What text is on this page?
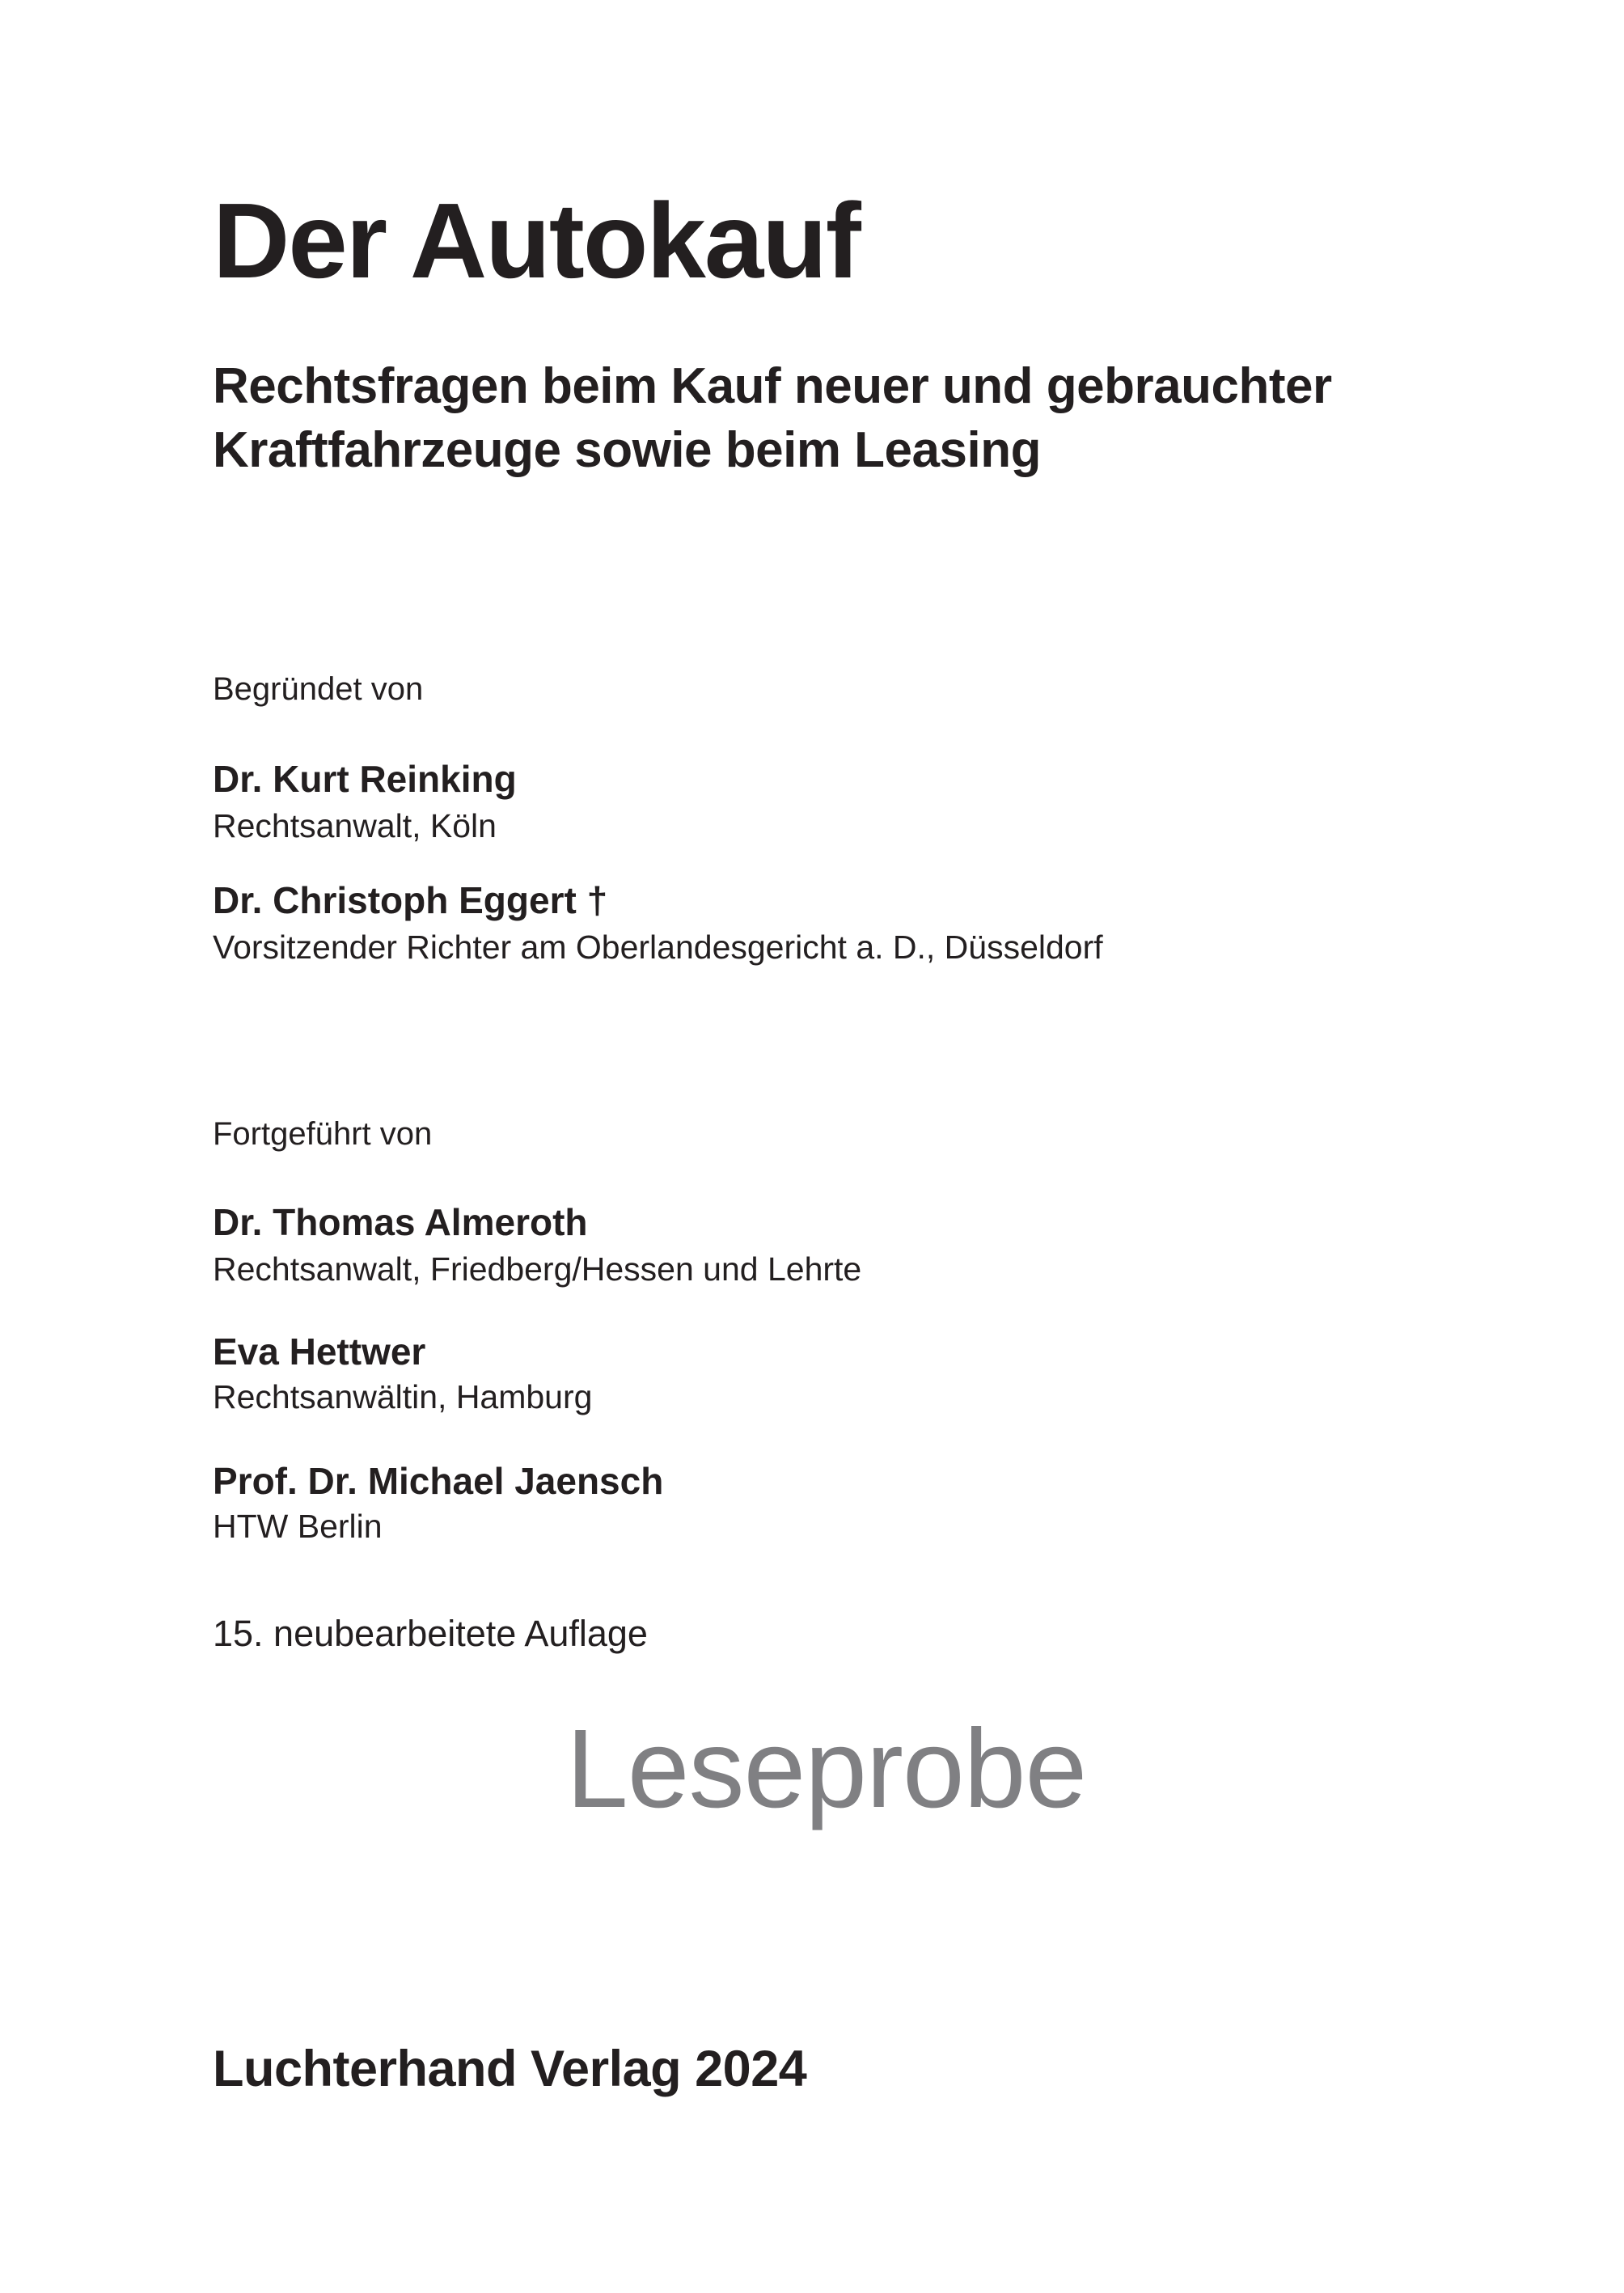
Der Autokauf
Rechtsfragen beim Kauf neuer und gebrauchter
Kraftfahrzeuge sowie beim Leasing
Begründet von
Dr. Kurt Reinking
Rechtsanwalt, Köln
Dr. Christoph Eggert †
Vorsitzender Richter am Oberlandesgericht a. D., Düsseldorf
Fortgeführt von
Dr. Thomas Almeroth
Rechtsanwalt, Friedberg/Hessen und Lehrte
Eva Hettwer
Rechtsanwältin, Hamburg
Prof. Dr. Michael Jaensch
HTW Berlin
15. neubearbeitete Auflage
Leseprobe
Luchterhand Verlag 2024
